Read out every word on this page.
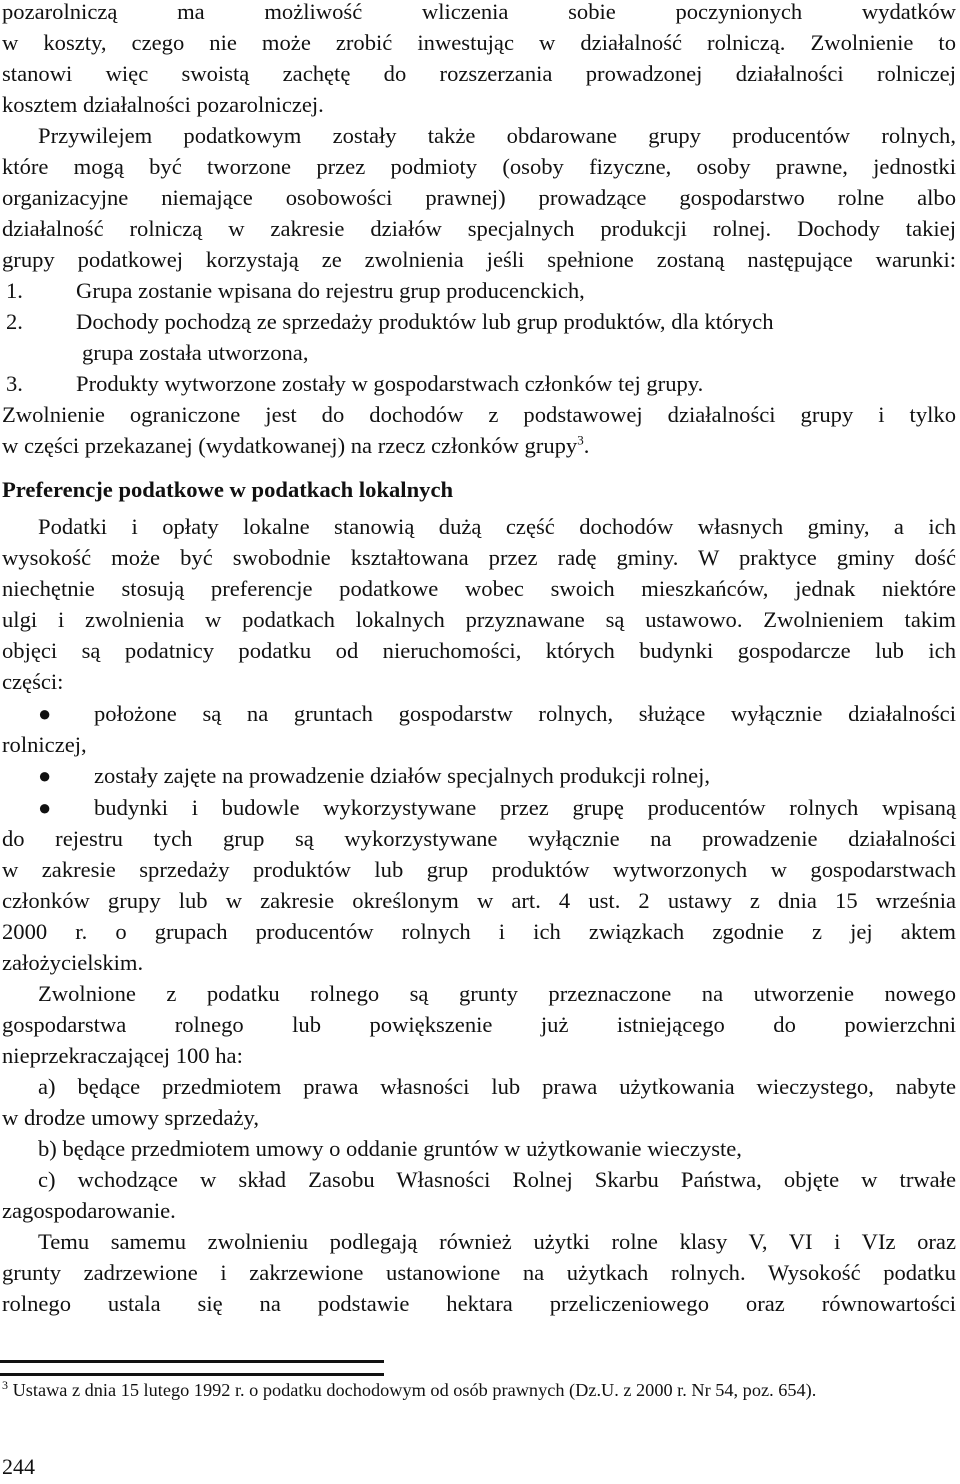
pozarolniczą ma możliwość wliczenia sobie poczynionych wydatków
w koszty, czego nie może zrobić inwestując w działalność rolniczą. Zwolnienie to
stanowi więc swoistą zachętę do rozszerzania prowadzonej działalności rolniczej
kosztem działalności pozarolniczej.
Przywilejem podatkowym zostały także obdarowane grupy producentów rolnych,
które mogą być tworzone przez podmioty (osoby fizyczne, osoby prawne, jednostki
organizacyjne niemające osobowości prawnej) prowadzące gospodarstwo rolne albo
działalność rolniczą w zakresie działów specjalnych produkcji rolnej. Dochody takiej
grupy podatkowej korzystają ze zwolnienia jeśli spełnione zostaną następujące warunki:
1. Grupa zostanie wpisana do rejestru grup producenckich,
2. Dochody pochodzą ze sprzedaży produktów lub grup produktów, dla których
grupa została utworzona,
3. Produkty wytworzone zostały w gospodarstwach członków tej grupy.
Zwolnienie ograniczone jest do dochodów z podstawowej działalności grupy i tylko
w części przekazanej (wydatkowanej) na rzecz członków grupy$^3$.
Preferencje podatkowe w podatkach lokalnych
Podatki i opłaty lokalne stanowią dużą część dochodów własnych gminy, a ich
wysokość może być swobodnie kształtowana przez radę gminy. W praktyce gminy dość
niechętnie stosują preferencje podatkowe wobec swoich mieszkańców, jednak niektóre
ulgi i zwolnienia w podatkach lokalnych przyznawane są ustawowo. Zwolnieniem takim
objęci są podatnicy podatku od nieruchomości, których budynki gospodarcze lub ich
części:
●	położone są na gruntach gospodarstw rolnych, służące wyłącznie działalności
rolniczej,
●	zostały zajęte na prowadzenie działów specjalnych produkcji rolnej,
●	budynki i budowle wykorzystywane przez grupę producentów rolnych wpisaną
do rejestru tych grup są wykorzystywane wyłącznie na prowadzenie działalności
w zakresie sprzedaży produktów lub grup produktów wytworzonych w gospodarstwach
członków grupy lub w zakresie określonym w art. 4 ust. 2 ustawy z dnia 15 września
2000 r. o grupach producentów rolnych i ich związkach zgodnie z jej aktem
założycielskim.
Zwolnione z podatku rolnego są grunty przeznaczone na utworzenie nowego
gospodarstwa rolnego lub powiększenie już istniejącego do powierzchni
nieprzekraczającej 100 ha:
a) będące przedmiotem prawa własności lub prawa użytkowania wieczystego, nabyte
w drodze umowy sprzedaży,
b) będące przedmiotem umowy o oddanie gruntów w użytkowanie wieczyste,
c) wchodzące w skład Zasobu Własności Rolnej Skarbu Państwa, objęte w trwałe
zagospodarowanie.
Temu samemu zwolnieniu podlegają również użytki rolne klasy V, VI i VIz oraz
grunty zadrzewione i zakrzewione ustanowione na użytkach rolnych. Wysokość podatku
rolnego ustala się na podstawie hektara przeliczeniowego oraz równowartości
$^3$ Ustawa z dnia 15 lutego 1992 r. o podatku dochodowym od osób prawnych (Dz.U. z 2000 r. Nr 54, poz. 654).
244
